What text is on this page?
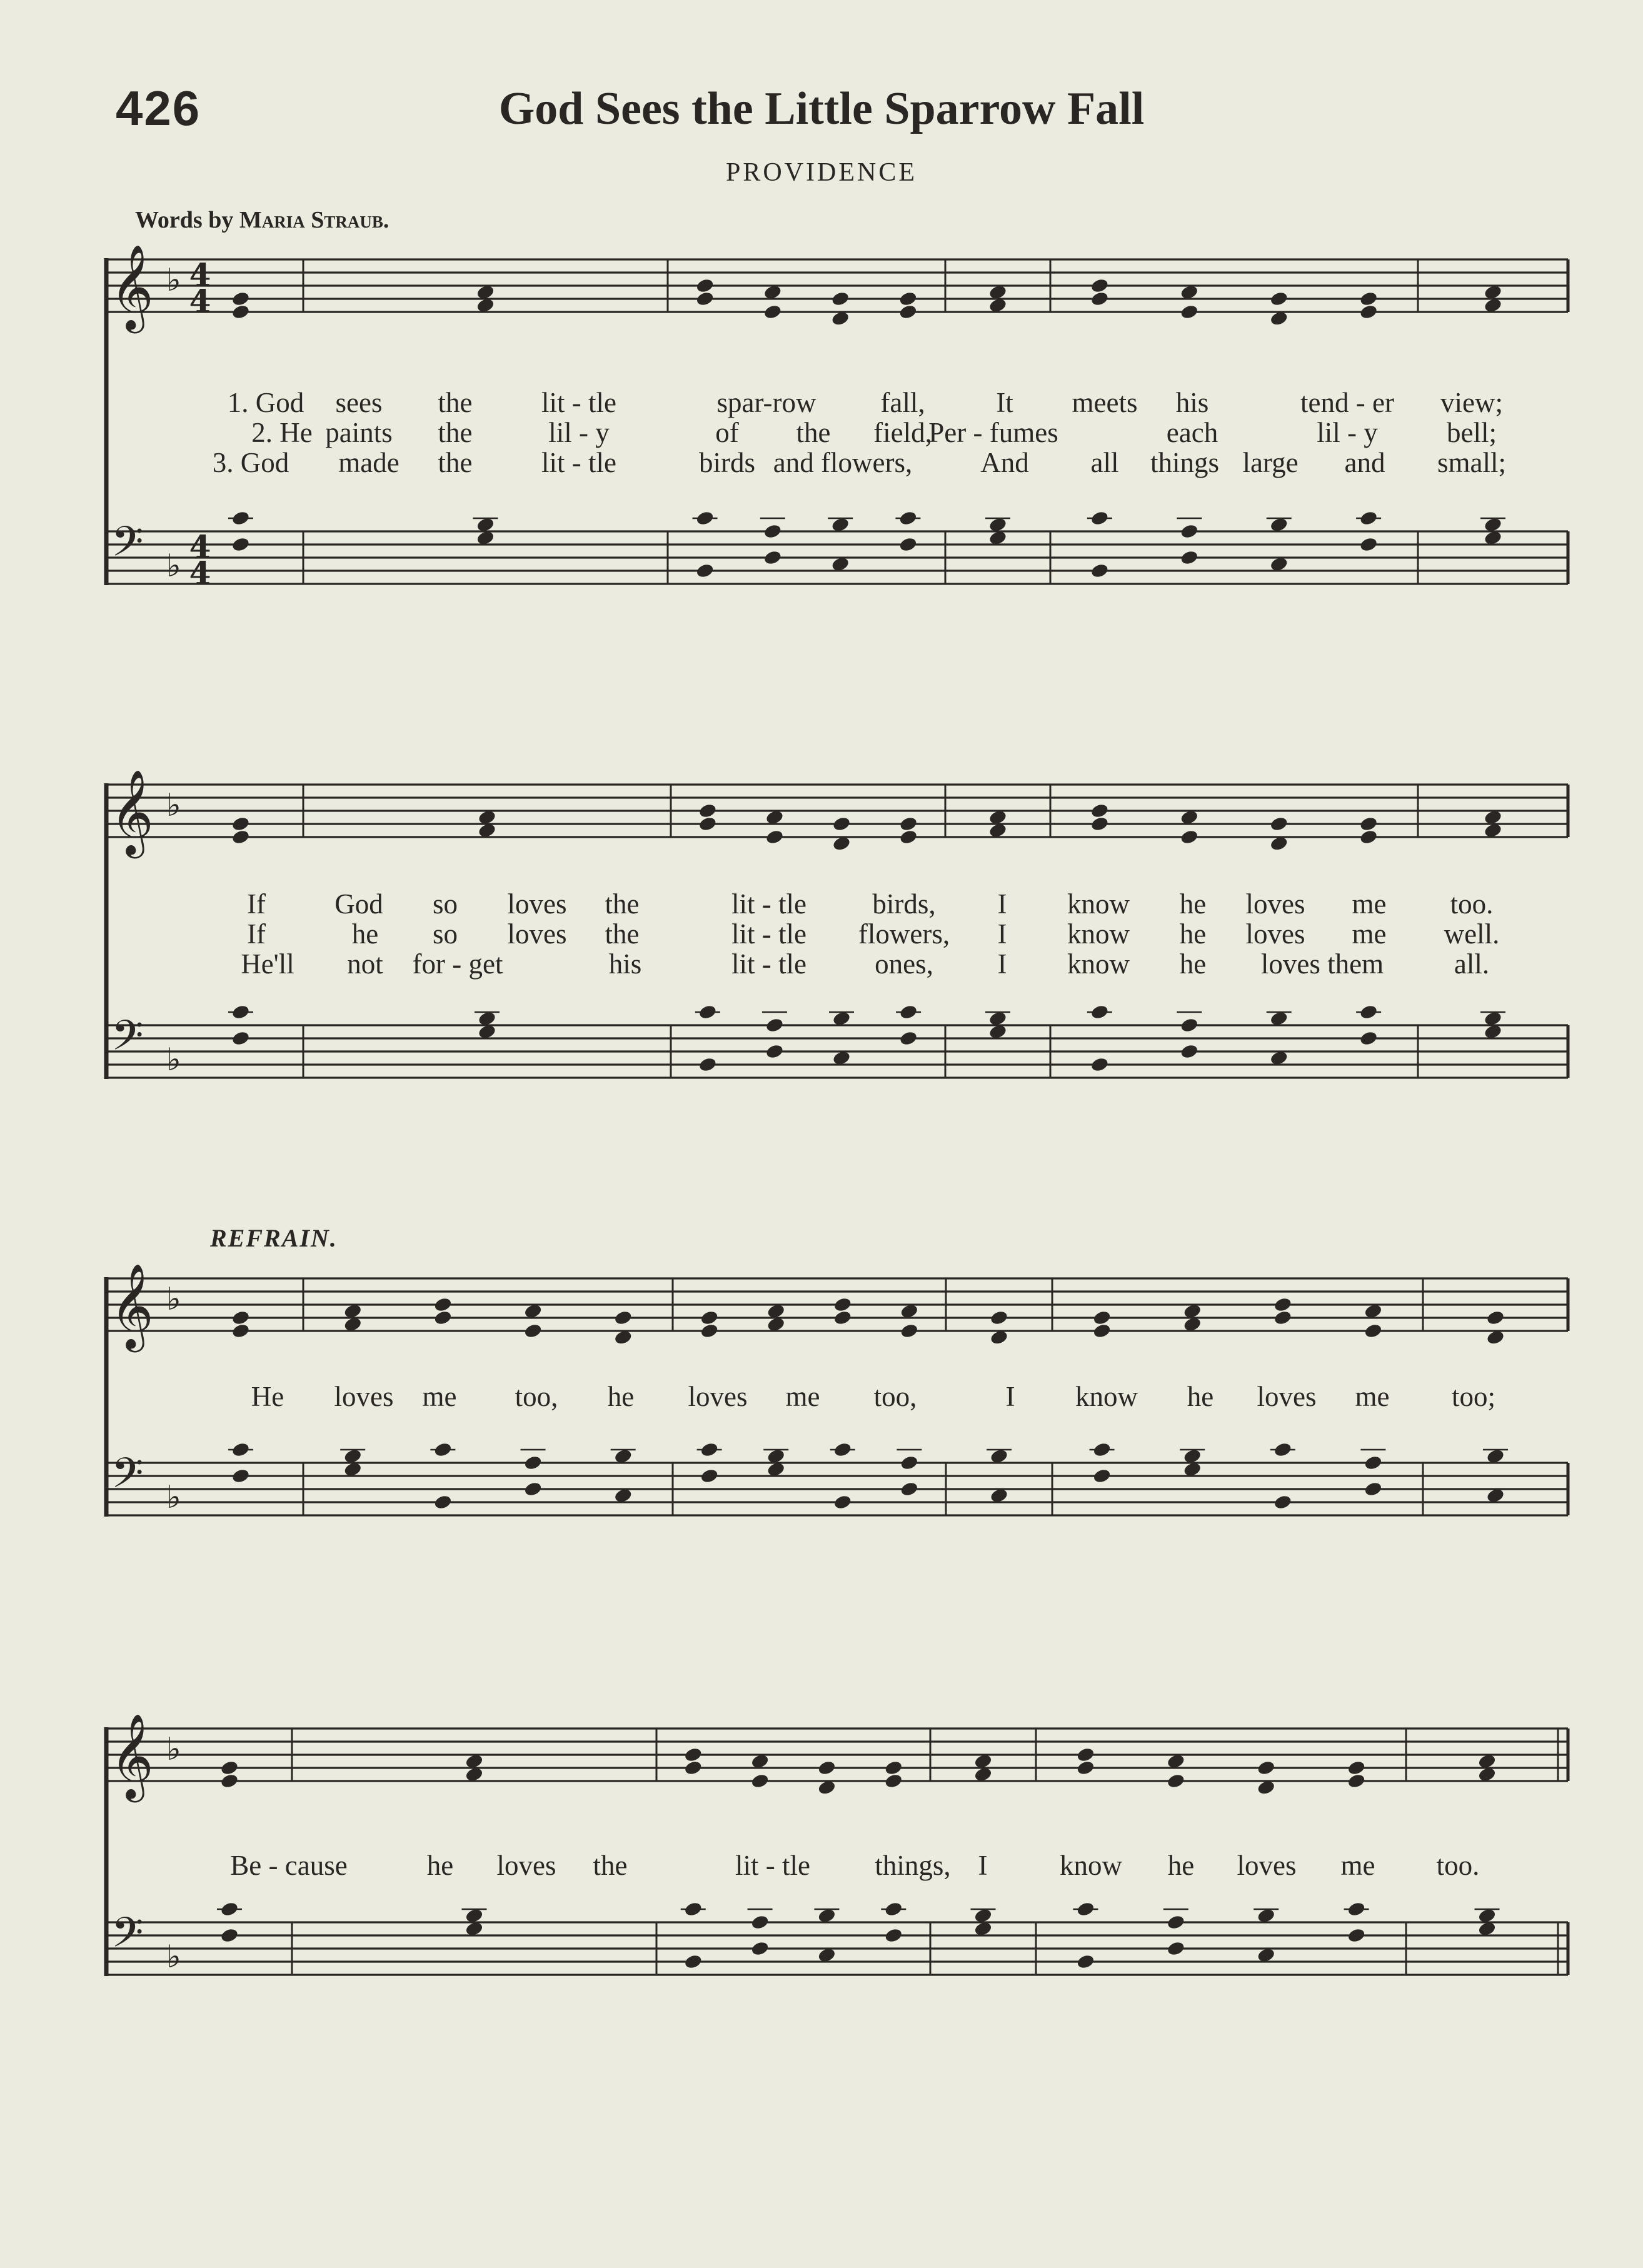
426	God Sees the Little Sparrow Fall
PROVIDENCE
Words by Maria Straub.
REFRAIN.
𝄞
𝄢
♭
♭
𝄞
𝄢
♭
♭
𝄞
𝄢
♭
♭
𝄞
𝄢
♭
♭
4
4
4
4
1. God sees the lit - tle	spar-row fall,	It meets his	tend - er view;
2. He paints the	lil - y	of the field,
Per - fumes	each	lil - y bell;
3. God made the lit - tle	birds and flowers, And all things large and small;
If God so loves the	lit - tle birds, I know he loves me too.
If	he so loves the	lit - tle flowers, I know he loves me well.
He'll not for - get	his	lit - tle ones, I know he loves them	all.
He loves me too, he loves me too,	I know he loves me too;
Be - cause	he loves the	lit - tle things, I	know he loves me too.
